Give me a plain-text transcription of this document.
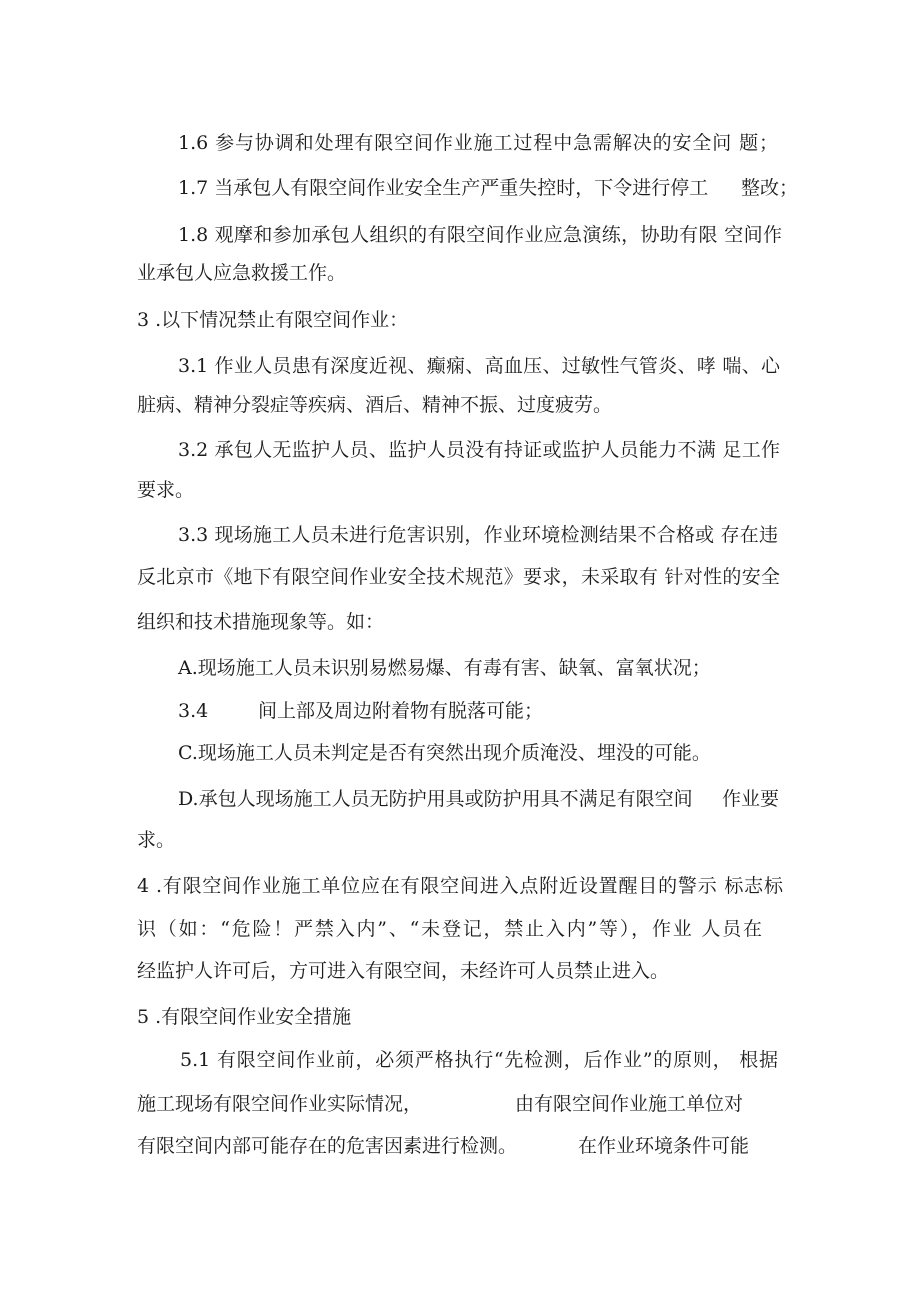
1.6 参与协调和处理有限空间作业施工过程中急需解决的安全问 题；

1.7 当承包人有限空间作业安全生产严重失控时，下令进行停工 整改；

1.8 观摩和参加承包人组织的有限空间作业应急演练，协助有限 空间作

业承包人应急救援工作。

3 .以下情况禁止有限空间作业：

3.1 作业人员患有深度近视、癫痫、高血压、过敏性气管炎、哮 喘、心

脏病、精神分裂症等疾病、酒后、精神不振、过度疲劳。

3.2 承包人无监护人员、监护人员没有持证或监护人员能力不满 足工作

要求。

3.3 现场施工人员未进行危害识别，作业环境检测结果不合格或 存在违

反北京市《地下有限空间作业安全技术规范》要求，未采取有 针对性的安全

组织和技术措施现象等。如：

A.现场施工人员未识别易燃易爆、有毒有害、缺氧、富氧状况；

3.4	间上部及周边附着物有脱落可能；

C.现场施工人员未判定是否有突然出现介质淹没、埋没的可能。

D.承包人现场施工人员无防护用具或防护用具不满足有限空间 作业要

求。

4 .有限空间作业施工单位应在有限空间进入点附近设置醒目的警示 标志标

识（如：“危险！严禁入内”、“未登记，禁止入内”等），作业 人员在

经监护人许可后，方可进入有限空间，未经许可人员禁止进入。

5 .有限空间作业安全措施

5.1 有限空间作业前，必须严格执行“先检测，后作业”的原则， 根据

施工现场有限空间作业实际情况，	由有限空间作业施工单位对

有限空间内部可能存在的危害因素进行检测。	在作业环境条件可能
